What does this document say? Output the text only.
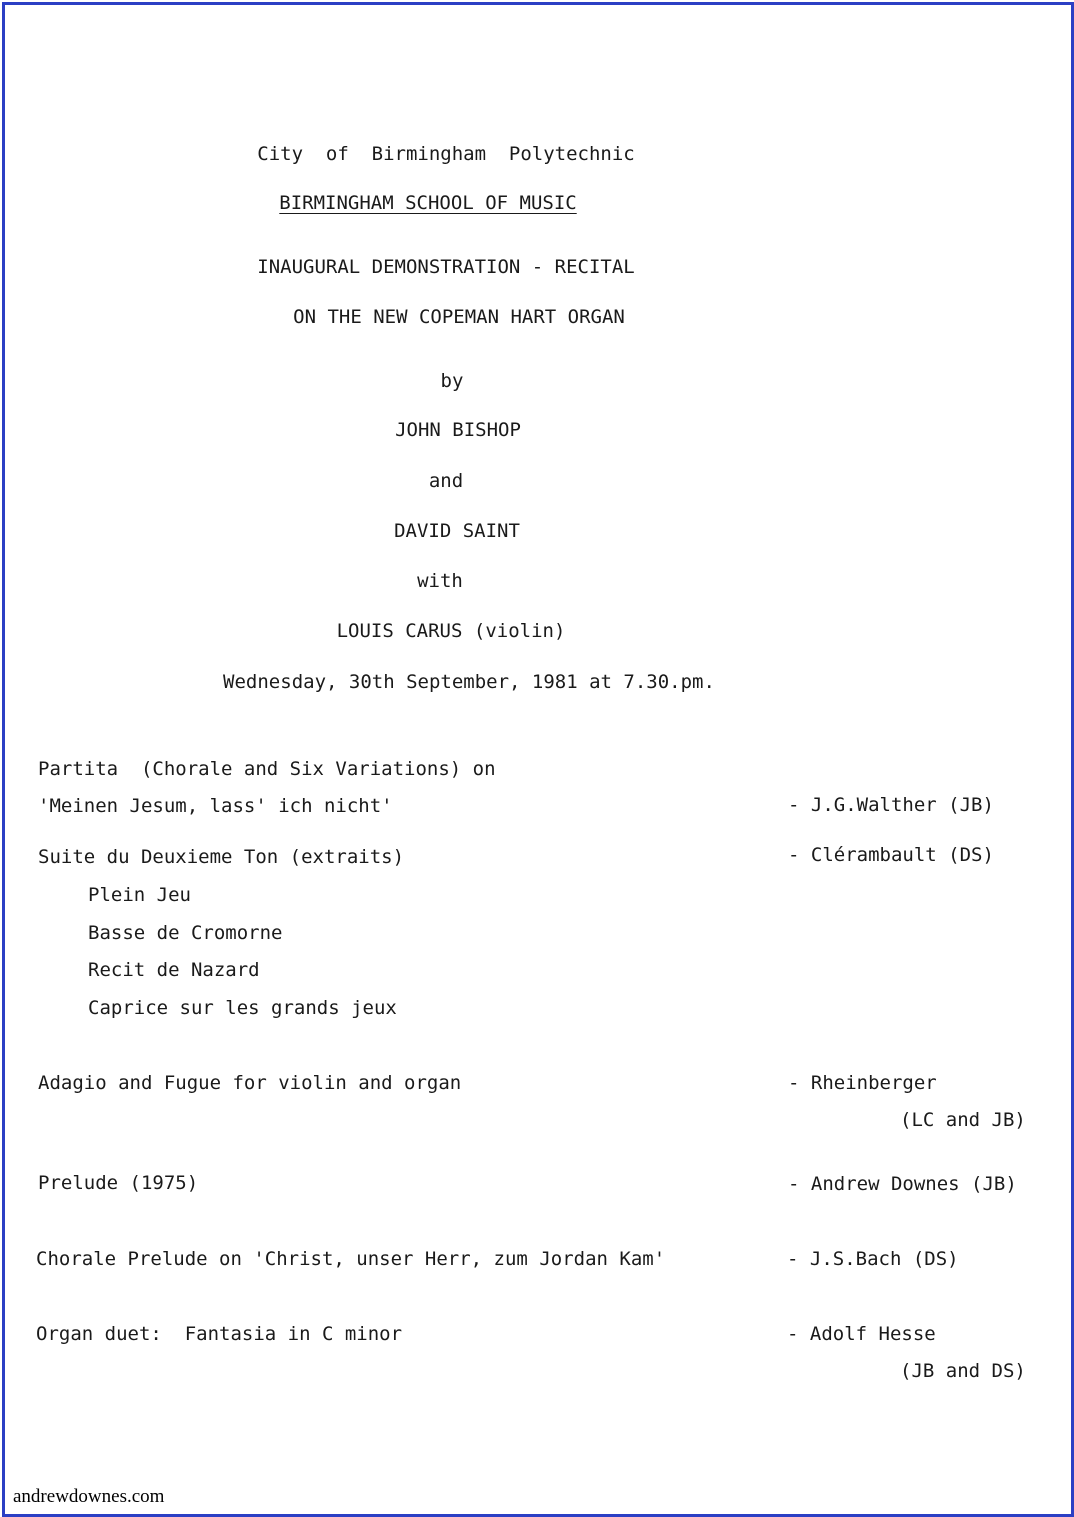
City  of  Birmingham  Polytechnic
BIRMINGHAM SCHOOL OF MUSIC
INAUGURAL DEMONSTRATION - RECITAL
ON THE NEW COPEMAN HART ORGAN
by
JOHN BISHOP
and
DAVID SAINT
with
LOUIS CARUS (violin)
Wednesday, 30th September, 1981 at 7.30.pm.
Partita  (Chorale and Six Variations) on
'Meinen Jesum, lass' ich nicht'	- J.G.Walther (JB)
Suite du Deuxieme Ton (extraits)	- Clérambault (DS)
Plein Jeu
Basse de Cromorne
Recit de Nazard
Caprice sur les grands jeux
Adagio and Fugue for violin and organ	- Rheinberger
(LC and JB)
Prelude (1975)	- Andrew Downes (JB)
Chorale Prelude on 'Christ, unser Herr, zum Jordan Kam'	- J.S.Bach (DS)
Organ duet:  Fantasia in C minor	- Adolf Hesse
(JB and DS)
andrewdownes.com
